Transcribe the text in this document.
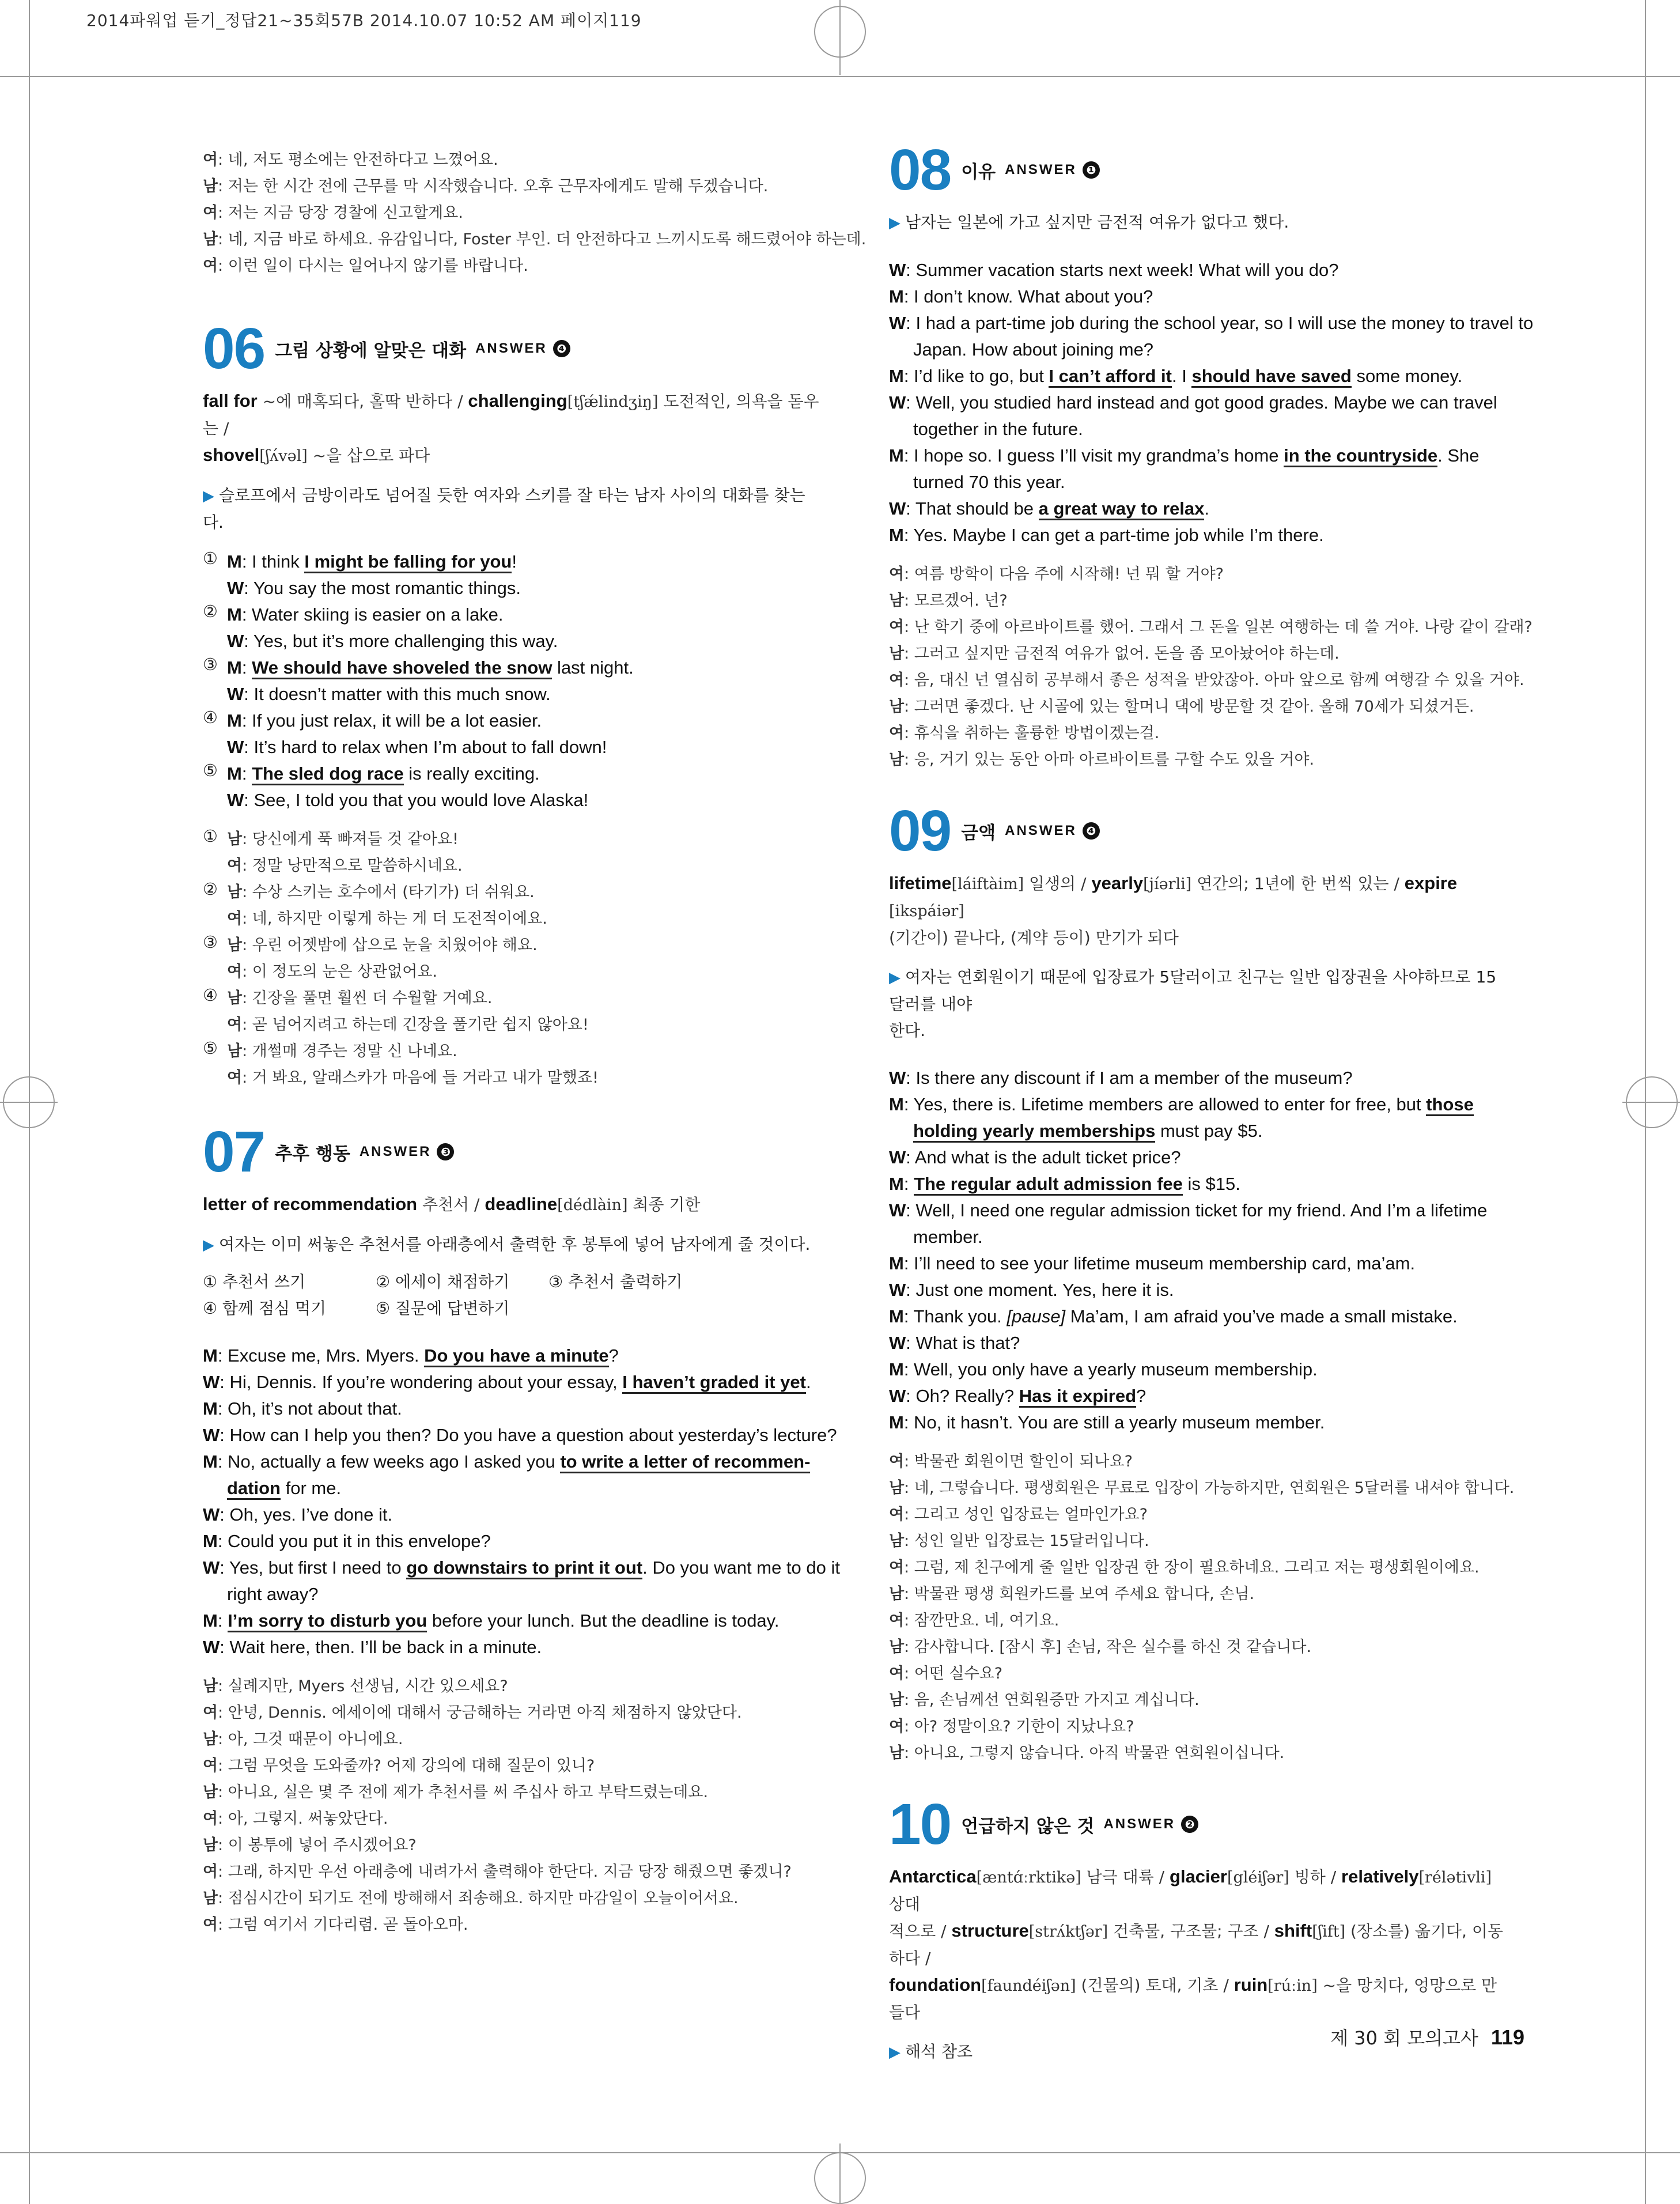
2014파워업 듣기_정답21~35회57B 2014.10.07 10:52 AM 페이지119
여: 네, 저도 평소에는 안전하다고 느꼈어요.
남: 저는 한 시간 전에 근무를 막 시작했습니다. 오후 근무자에게도 말해 두겠습니다.
여: 저는 지금 당장 경찰에 신고할게요.
남: 네, 지금 바로 하세요. 유감입니다, Foster 부인. 더 안전하다고 느끼시도록 해드렸어야 하는데.
여: 이런 일이 다시는 일어나지 않기를 바랍니다.
06 그림 상황에 알맞은 대화 ANSWER ❹
fall for ~에 매혹되다, 홀딱 반하다 / challenging[tʃǽlindʒiŋ] 도전적인, 의욕을 돋우는 /
shovel[ʃʌ́vəl] ~을 삽으로 파다
▶ 슬로프에서 금방이라도 넘어질 듯한 여자와 스키를 잘 타는 남자 사이의 대화를 찾는다.
① M: I think I might be falling for you!
W: You say the most romantic things.
② M: Water skiing is easier on a lake.
W: Yes, but it’s more challenging this way.
③ M: We should have shoveled the snow last night.
W: It doesn’t matter with this much snow.
④ M: If you just relax, it will be a lot easier.
W: It’s hard to relax when I’m about to fall down!
⑤ M: The sled dog race is really exciting.
W: See, I told you that you would love Alaska!
① 남: 당신에게 푹 빠져들 것 같아요!
여: 정말 낭만적으로 말씀하시네요.
② 남: 수상 스키는 호수에서 (타기가) 더 쉬워요.
여: 네, 하지만 이렇게 하는 게 더 도전적이에요.
③ 남: 우린 어젯밤에 삽으로 눈을 치웠어야 해요.
여: 이 정도의 눈은 상관없어요.
④ 남: 긴장을 풀면 훨씬 더 수월할 거예요.
여: 곧 넘어지려고 하는데 긴장을 풀기란 쉽지 않아요!
⑤ 남: 개썰매 경주는 정말 신 나네요.
여: 거 봐요, 알래스카가 마음에 들 거라고 내가 말했죠!
07 추후 행동 ANSWER ❸
letter of recommendation 추천서 / deadline[dédlàin] 최종 기한
▶ 여자는 이미 써놓은 추천서를 아래층에서 출력한 후 봉투에 넣어 남자에게 줄 것이다.
① 추천서 쓰기	② 에세이 채점하기	③ 추천서 출력하기
④ 함께 점심 먹기	⑤ 질문에 답변하기
M: Excuse me, Mrs. Myers. Do you have a minute?
W: Hi, Dennis. If you’re wondering about your essay, I haven’t graded it yet.
M: Oh, it’s not about that.
W: How can I help you then? Do you have a question about yesterday’s lecture?
M: No, actually a few weeks ago I asked you to write a letter of recommen-
dation for me.
W: Oh, yes. I’ve done it.
M: Could you put it in this envelope?
W: Yes, but first I need to go downstairs to print it out. Do you want me to do it
right away?
M: I’m sorry to disturb you before your lunch. But the deadline is today.
W: Wait here, then. I’ll be back in a minute.
남: 실례지만, Myers 선생님, 시간 있으세요?
여: 안녕, Dennis. 에세이에 대해서 궁금해하는 거라면 아직 채점하지 않았단다.
남: 아, 그것 때문이 아니에요.
여: 그럼 무엇을 도와줄까? 어제 강의에 대해 질문이 있니?
남: 아니요, 실은 몇 주 전에 제가 추천서를 써 주십사 하고 부탁드렸는데요.
여: 아, 그렇지. 써놓았단다.
남: 이 봉투에 넣어 주시겠어요?
여: 그래, 하지만 우선 아래층에 내려가서 출력해야 한단다. 지금 당장 해줬으면 좋겠니?
남: 점심시간이 되기도 전에 방해해서 죄송해요. 하지만 마감일이 오늘이어서요.
여: 그럼 여기서 기다리렴. 곧 돌아오마.
08 이유 ANSWER ❶
▶ 남자는 일본에 가고 싶지만 금전적 여유가 없다고 했다.
W: Summer vacation starts next week! What will you do?
M: I don’t know. What about you?
W: I had a part-time job during the school year, so I will use the money to travel to
Japan. How about joining me?
M: I’d like to go, but I can’t afford it. I should have saved some money.
W: Well, you studied hard instead and got good grades. Maybe we can travel
together in the future.
M: I hope so. I guess I’ll visit my grandma’s home in the countryside. She
turned 70 this year.
W: That should be a great way to relax.
M: Yes. Maybe I can get a part-time job while I’m there.
여: 여름 방학이 다음 주에 시작해! 넌 뭐 할 거야?
남: 모르겠어. 넌?
여: 난 학기 중에 아르바이트를 했어. 그래서 그 돈을 일본 여행하는 데 쓸 거야. 나랑 같이 갈래?
남: 그러고 싶지만 금전적 여유가 없어. 돈을 좀 모아놨어야 하는데.
여: 음, 대신 넌 열심히 공부해서 좋은 성적을 받았잖아. 아마 앞으로 함께 여행갈 수 있을 거야.
남: 그러면 좋겠다. 난 시골에 있는 할머니 댁에 방문할 것 같아. 올해 70세가 되셨거든.
여: 휴식을 취하는 훌륭한 방법이겠는걸.
남: 응, 거기 있는 동안 아마 아르바이트를 구할 수도 있을 거야.
09 금액 ANSWER ❹
lifetime[láiftàim] 일생의 / yearly[jíərli] 연간의; 1년에 한 번씩 있는 / expire [ikspáiər]
(기간이) 끝나다, (계약 등이) 만기가 되다
▶ 여자는 연회원이기 때문에 입장료가 5달러이고 친구는 일반 입장권을 사야하므로 15달러를 내야
한다.
W: Is there any discount if I am a member of the museum?
M: Yes, there is. Lifetime members are allowed to enter for free, but those
holding yearly memberships must pay $5.
W: And what is the adult ticket price?
M: The regular adult admission fee is $15.
W: Well, I need one regular admission ticket for my friend. And I’m a lifetime
member.
M: I’ll need to see your lifetime museum membership card, ma’am.
W: Just one moment. Yes, here it is.
M: Thank you. [pause] Ma’am, I am afraid you’ve made a small mistake.
W: What is that?
M: Well, you only have a yearly museum membership.
W: Oh? Really? Has it expired?
M: No, it hasn’t. You are still a yearly museum member.
여: 박물관 회원이면 할인이 되나요?
남: 네, 그렇습니다. 평생회원은 무료로 입장이 가능하지만, 연회원은 5달러를 내셔야 합니다.
여: 그리고 성인 입장료는 얼마인가요?
남: 성인 일반 입장료는 15달러입니다.
여: 그럼, 제 친구에게 줄 일반 입장권 한 장이 필요하네요. 그리고 저는 평생회원이에요.
남: 박물관 평생 회원카드를 보여 주세요 합니다, 손님.
여: 잠깐만요. 네, 여기요.
남: 감사합니다. [잠시 후] 손님, 작은 실수를 하신 것 같습니다.
여: 어떤 실수요?
남: 음, 손님께선 연회원증만 가지고 계십니다.
여: 아? 정말이요? 기한이 지났나요?
남: 아니요, 그렇지 않습니다. 아직 박물관 연회원이십니다.
10 언급하지 않은 것 ANSWER ❷
Antarctica[æntɑ́ːrktikə] 남극 대륙 / glacier[gléiʃər] 빙하 / relatively[rélətivli] 상대
적으로 / structure[strʌ́ktʃər] 건축물, 구조물; 구조 / shift[ʃift] (장소를) 옮기다, 이동하다 /
foundation[faundéiʃən] (건물의) 토대, 기초 / ruin[rúːin] ~을 망치다, 엉망으로 만들다
▶ 해석 참조
제 30 회 모의고사 119
